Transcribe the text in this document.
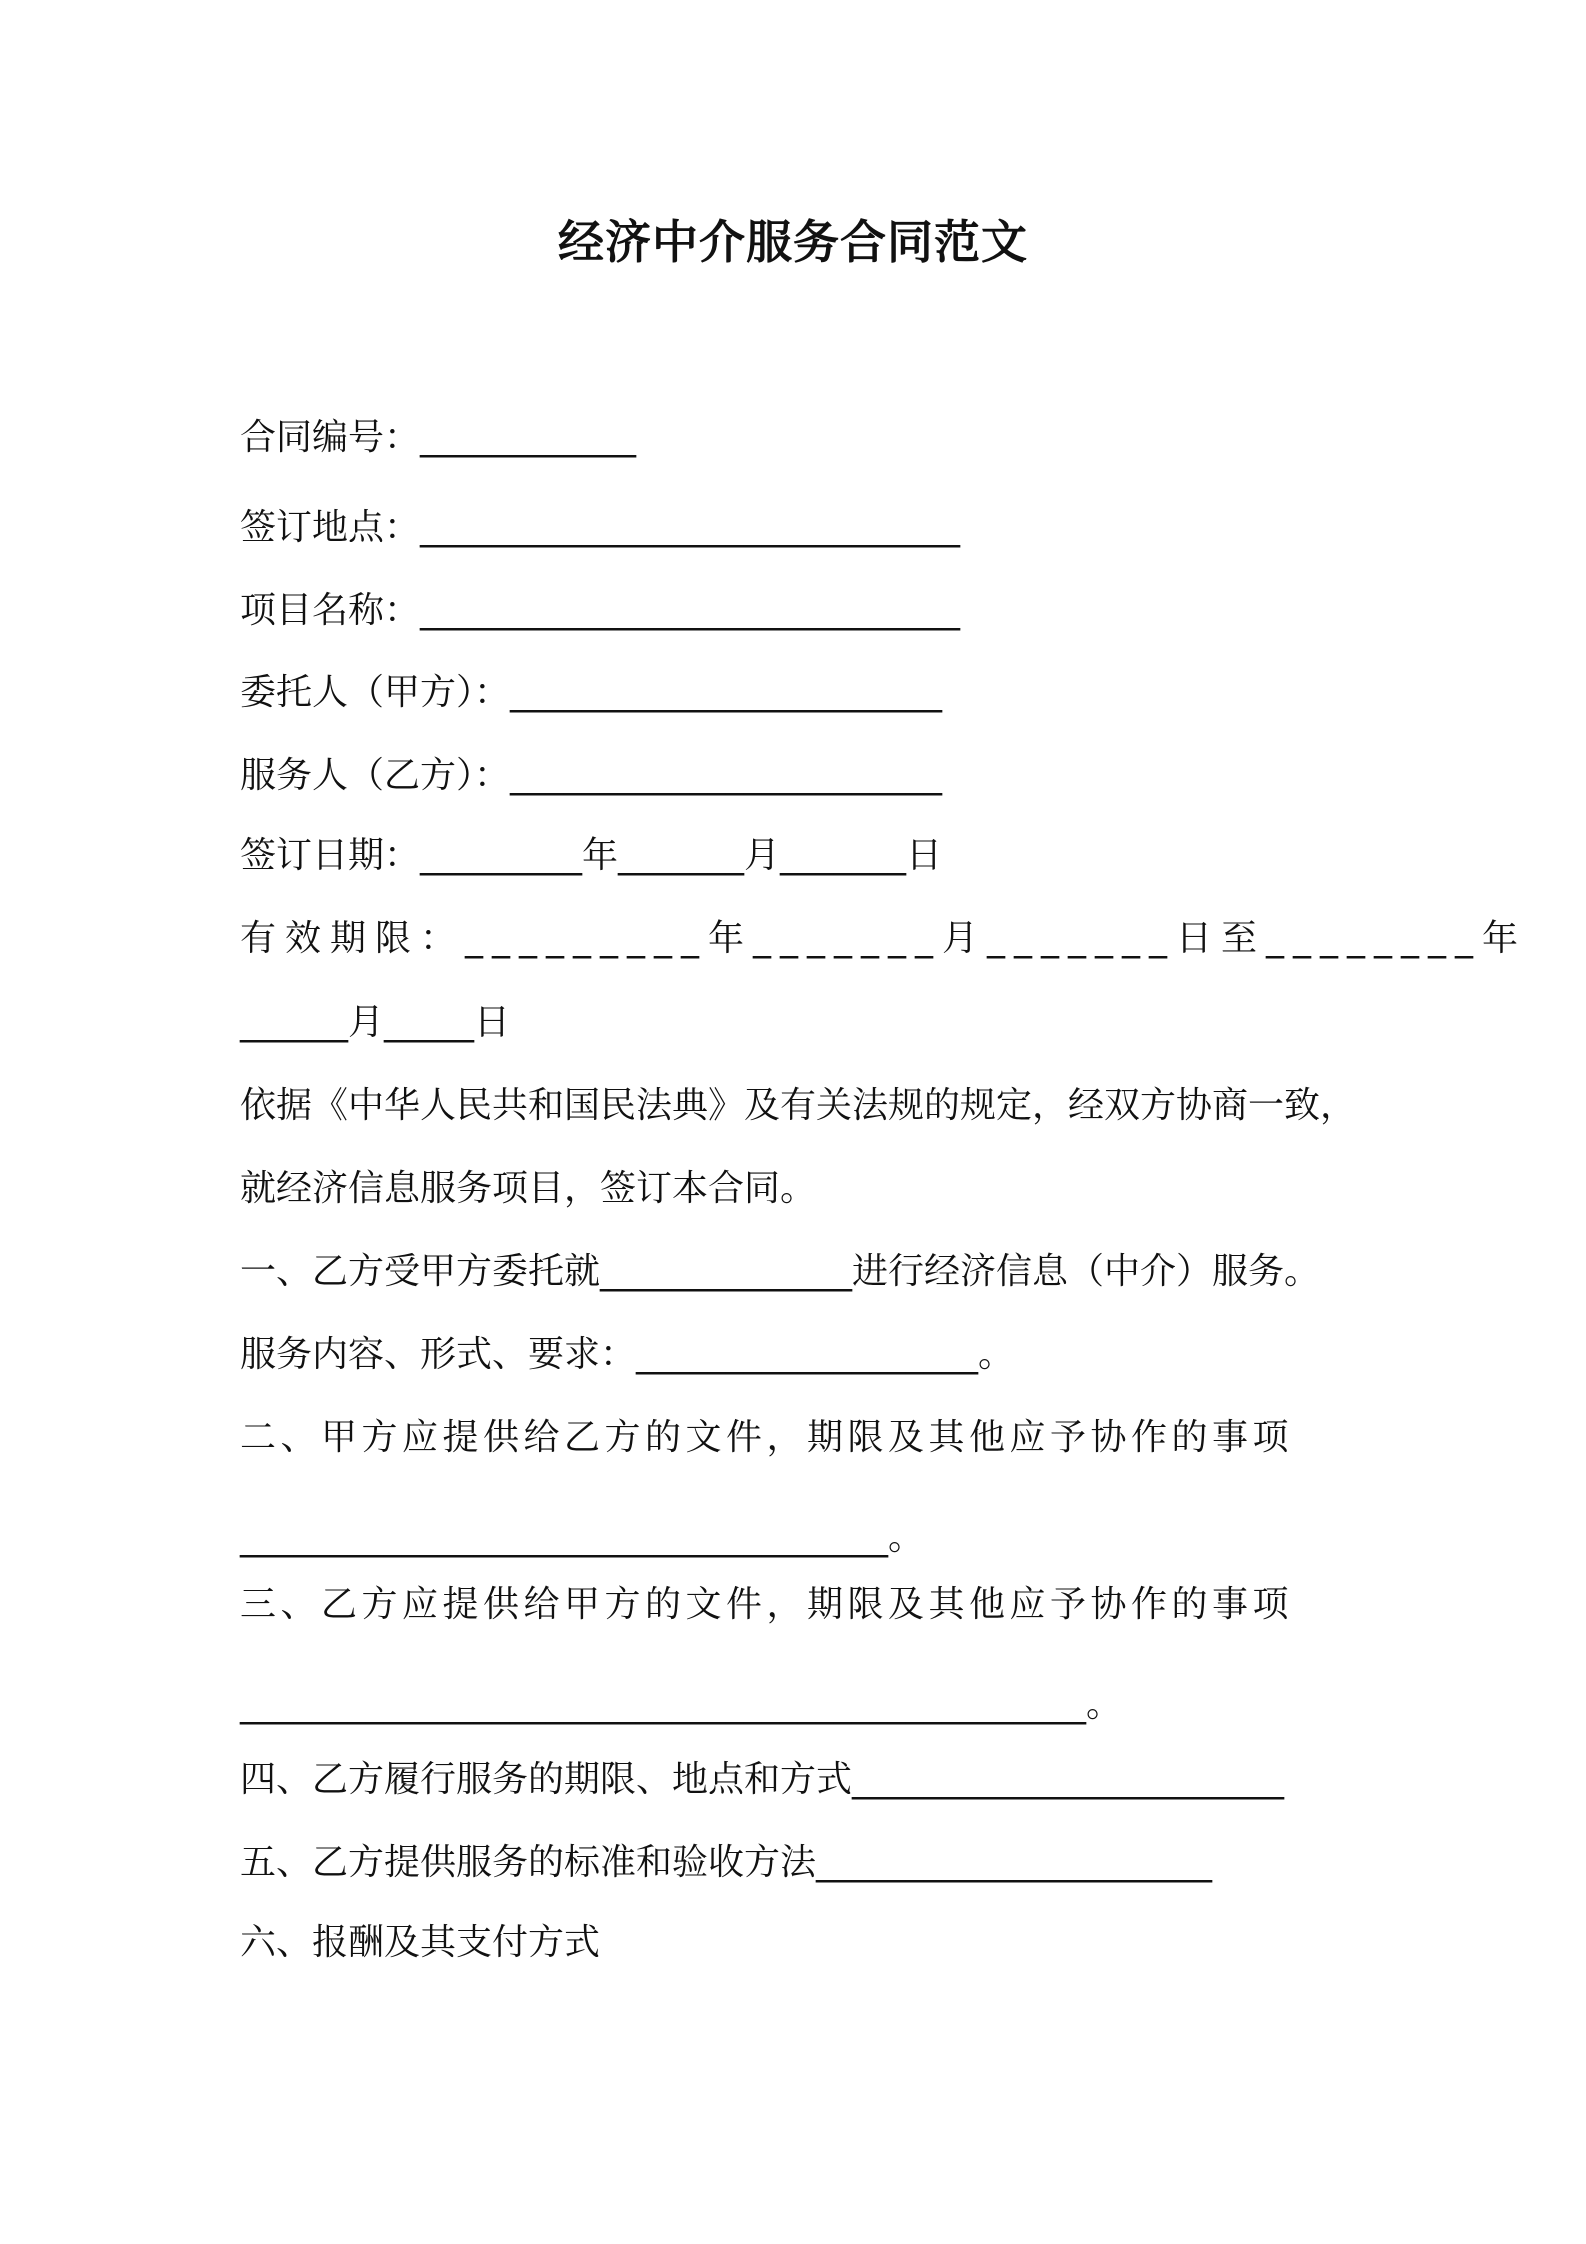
经济中介服务合同范文
合同编号：____________
签订地点：______________________________
项目名称：______________________________
委托人（甲方）：________________________
服务人（乙方）：________________________
签订日期：_________年_______月_______日
有效期限：_________年_______月_______日至________年
______月_____日
依据《中华人民共和国民法典》及有关法规的规定，经双方协商一致，
就经济信息服务项目，签订本合同。
一、乙方受甲方委托就______________进行经济信息（中介）服务。
服务内容、形式、要求：___________________。
二、甲方应提供给乙方的文件，期限及其他应予协作的事项
____________________________________。
三、乙方应提供给甲方的文件，期限及其他应予协作的事项
_______________________________________________。
四、乙方履行服务的期限、地点和方式________________________
五、乙方提供服务的标准和验收方法______________________
六、报酬及其支付方式
